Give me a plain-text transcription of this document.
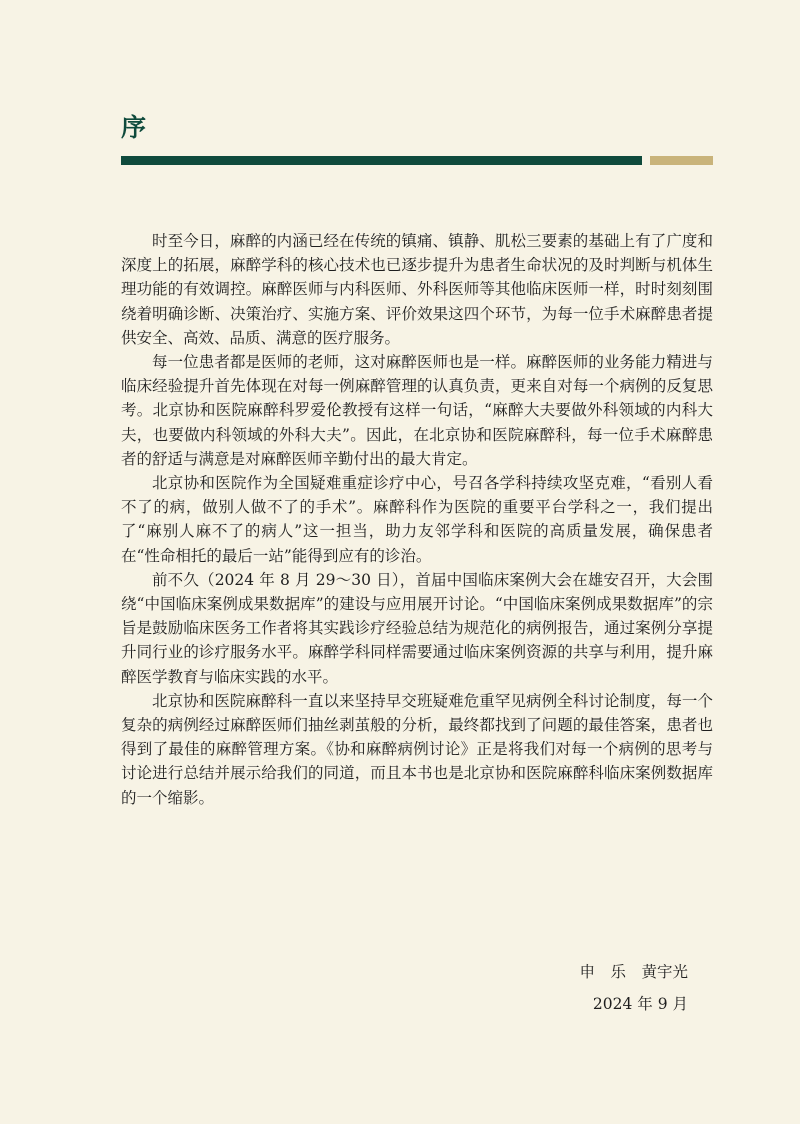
序

时至今日，麻醉的内涵已经在传统的镇痛、镇静、肌松三要素的基础上有了广度和深度上的拓展，麻醉学科的核心技术也已逐步提升为患者生命状况的及时判断与机体生理功能的有效调控。麻醉医师与内科医师、外科医师等其他临床医师一样，时时刻刻围绕着明确诊断、决策治疗、实施方案、评价效果这四个环节，为每一位手术麻醉患者提供安全、高效、品质、满意的医疗服务。

每一位患者都是医师的老师，这对麻醉医师也是一样。麻醉医师的业务能力精进与临床经验提升首先体现在对每一例麻醉管理的认真负责，更来自对每一个病例的反复思考。北京协和医院麻醉科罗爱伦教授有这样一句话，“麻醉大夫要做外科领域的内科大夫，也要做内科领域的外科大夫”。因此，在北京协和医院麻醉科，每一位手术麻醉患者的舒适与满意是对麻醉医师辛勤付出的最大肯定。

北京协和医院作为全国疑难重症诊疗中心，号召各学科持续攻坚克难，“看别人看不了的病，做别人做不了的手术”。麻醉科作为医院的重要平台学科之一，我们提出了“麻别人麻不了的病人”这一担当，助力友邻学科和医院的高质量发展，确保患者在“性命相托的最后一站”能得到应有的诊治。

前不久（2024 年 8 月 29～30 日），首届中国临床案例大会在雄安召开，大会围绕“中国临床案例成果数据库”的建设与应用展开讨论。“中国临床案例成果数据库”的宗旨是鼓励临床医务工作者将其实践诊疗经验总结为规范化的病例报告，通过案例分享提升同行业的诊疗服务水平。麻醉学科同样需要通过临床案例资源的共享与利用，提升麻醉医学教育与临床实践的水平。

北京协和医院麻醉科一直以来坚持早交班疑难危重罕见病例全科讨论制度，每一个复杂的病例经过麻醉医师们抽丝剥茧般的分析，最终都找到了问题的最佳答案，患者也得到了最佳的麻醉管理方案。《协和麻醉病例讨论》正是将我们对每一个病例的思考与讨论进行总结并展示给我们的同道，而且本书也是北京协和医院麻醉科临床案例数据库的一个缩影。

申　乐　黄宇光
2024 年 9 月
